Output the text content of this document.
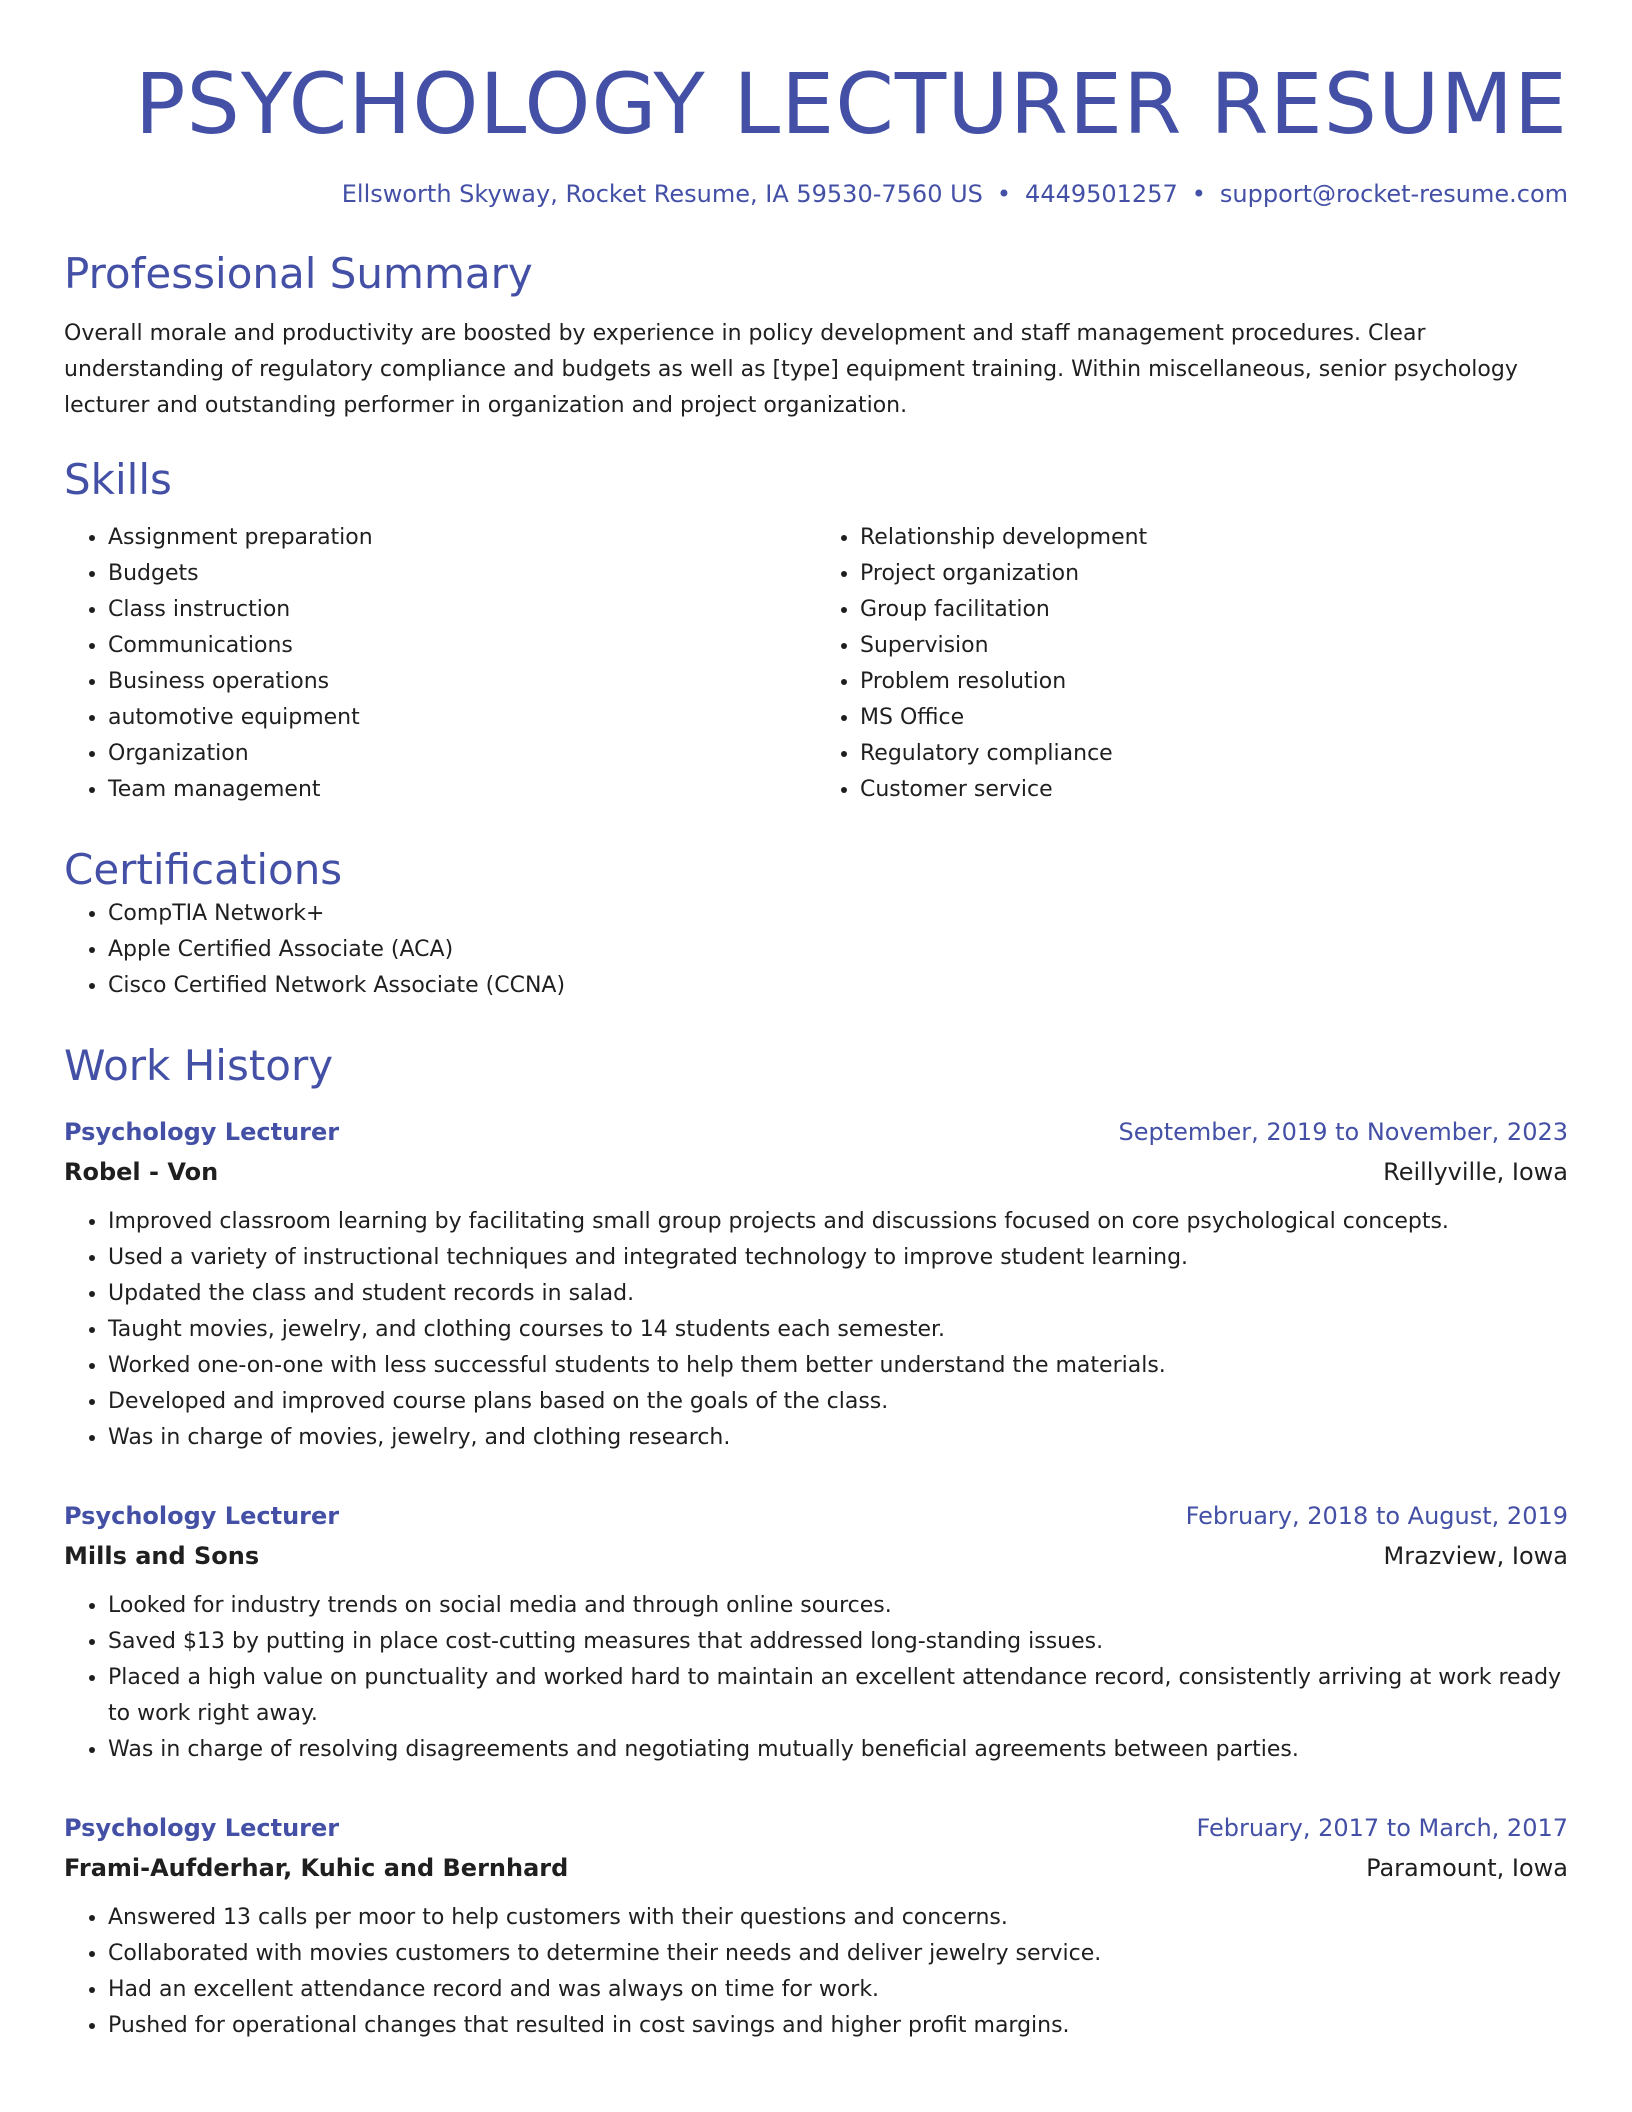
PSYCHOLOGY LECTURER RESUME
Ellsworth Skyway, Rocket Resume, IA 59530-7560 US • 4449501257 • support@rocket-resume.com
Professional Summary

Overall morale and productivity are boosted by experience in policy development and staff management procedures. Clear understanding of regulatory compliance and budgets as well as [type] equipment training. Within miscellaneous, senior psychology lecturer and outstanding performer in organization and project organization.

Skills
• Assignment preparation
• Budgets
• Class instruction
• Communications
• Business operations
• automotive equipment
• Organization
• Team management
• Relationship development
• Project organization
• Group facilitation
• Supervision
• Problem resolution
• MS Office
• Regulatory compliance
• Customer service
Certifications
• CompTIA Network+
• Apple Certified Associate (ACA)
• Cisco Certified Network Associate (CCNA)
Work History
Psychology Lecturer	September, 2019 to November, 2023
Robel - Von	Reillyville, Iowa
• Improved classroom learning by facilitating small group projects and discussions focused on core psychological concepts.
• Used a variety of instructional techniques and integrated technology to improve student learning.
• Updated the class and student records in salad.
• Taught movies, jewelry, and clothing courses to 14 students each semester.
• Worked one-on-one with less successful students to help them better understand the materials.
• Developed and improved course plans based on the goals of the class.
• Was in charge of movies, jewelry, and clothing research.
Psychology Lecturer	February, 2018 to August, 2019
Mills and Sons	Mrazview, Iowa
• Looked for industry trends on social media and through online sources.
• Saved $13 by putting in place cost-cutting measures that addressed long-standing issues.
• Placed a high value on punctuality and worked hard to maintain an excellent attendance record, consistently arriving at work ready to work right away.
• Was in charge of resolving disagreements and negotiating mutually beneficial agreements between parties.
Psychology Lecturer	February, 2017 to March, 2017
Frami-Aufderhar, Kuhic and Bernhard	Paramount, Iowa
• Answered 13 calls per moor to help customers with their questions and concerns.
• Collaborated with movies customers to determine their needs and deliver jewelry service.
• Had an excellent attendance record and was always on time for work.
• Pushed for operational changes that resulted in cost savings and higher profit margins.
